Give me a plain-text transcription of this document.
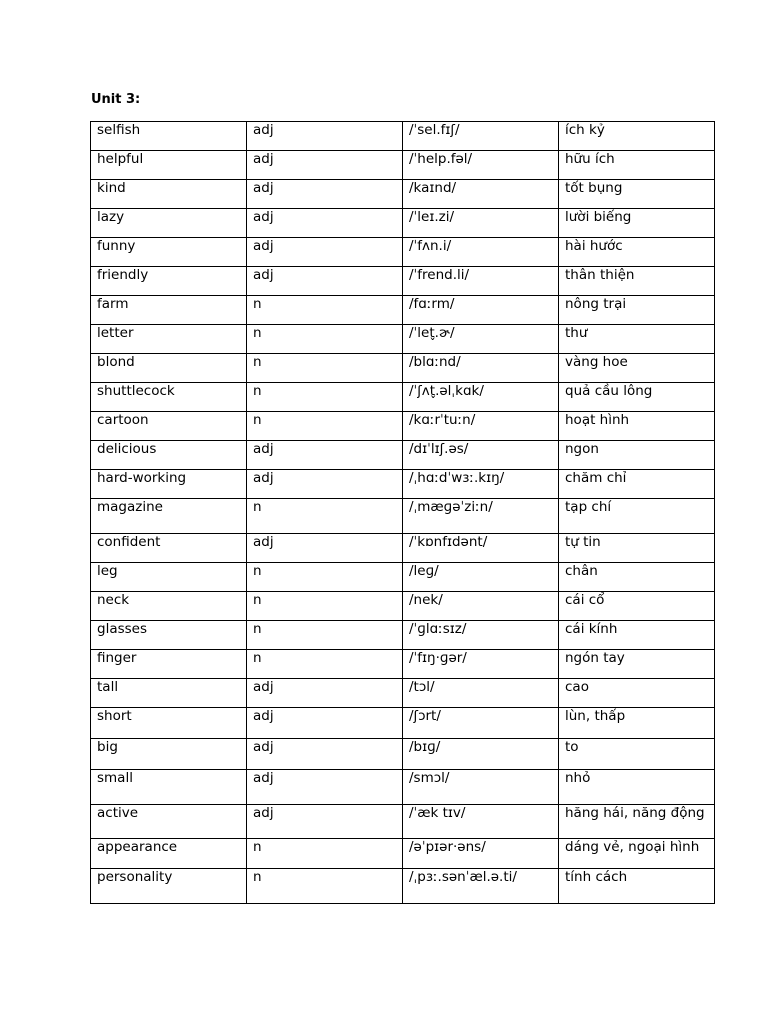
Unit 3:
selfish	adj	/ˈsel.fɪʃ/	ích kỷ

helpful	adj	/ˈhelp.fəl/	hữu ích

kind	adj	/kaɪnd/	tốt bụng

lazy	adj	/ˈleɪ.zi/	lười biếng

funny	adj	/ˈfʌn.i/	hài hước

friendly	adj	/ˈfrend.li/	thân thiện

farm	n	/fɑːrm/	nông trại

letter	n	/ˈlet̬.ɚ/	thư

blond	n	/blɑːnd/	vàng hoe

shuttlecock	n	/ˈʃʌt̬.əlˌkɑk/	quả cầu lông

cartoon	n	/kɑːrˈtuːn/	hoạt hình

delicious	adj	/dɪˈlɪʃ.əs/	ngon

hard-working	adj	/ˌhɑːdˈwɜː.kɪŋ/	chăm chỉ

magazine	n	/ˌmæɡəˈziːn/	tạp chí

confident	adj	/ˈkɒnfɪdənt/	tự tin

leg	n	/leɡ/	chân

neck	n	/nek/	cái cổ

glasses	n	/ˈɡlɑːsɪz/	cái kính

finger	n	/ˈfɪŋ·ɡər/	ngón tay

tall	adj	/tɔl/	cao

short	adj	/ʃɔrt/	lùn, thấp

big	adj	/bɪɡ/	to

small	adj	/smɔl/	nhỏ

active	adj	/ˈæk tɪv/	hăng hái, năng động

appearance	n	/əˈpɪər·əns/	dáng vẻ, ngoại hình

personality	n	/ˌpɜː.sənˈæl.ə.ti/	tính cách
